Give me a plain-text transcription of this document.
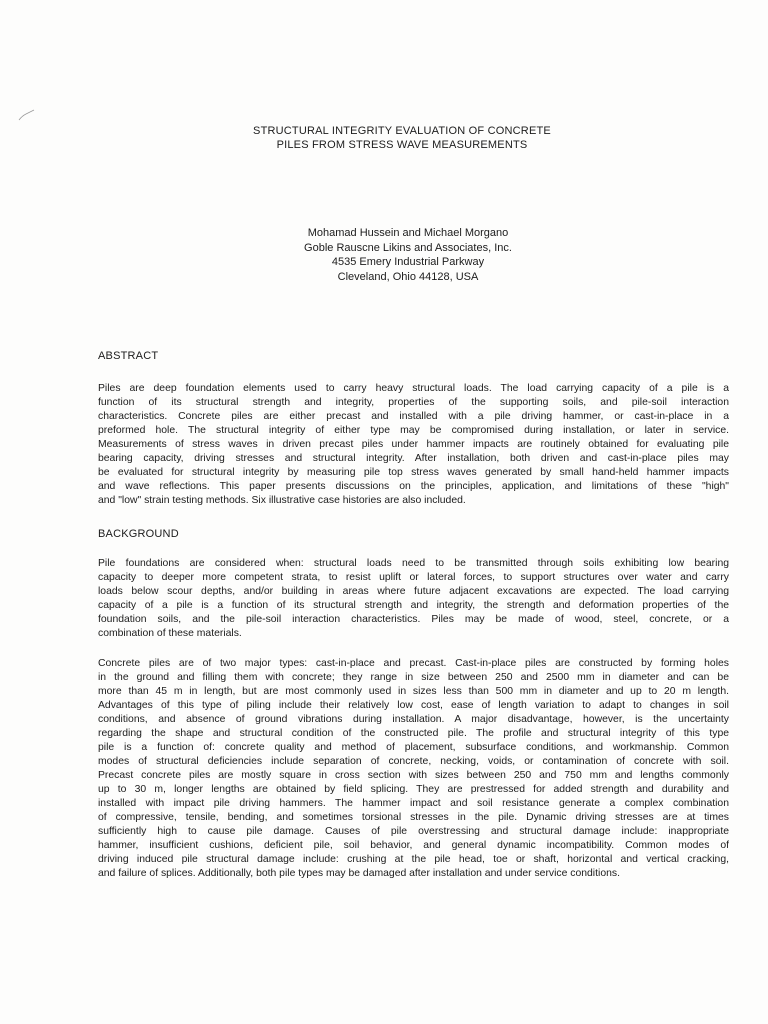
STRUCTURAL INTEGRITY EVALUATION OF CONCRETE
PILES FROM STRESS WAVE MEASUREMENTS
Mohamad Hussein and Michael Morgano
Goble Rauscne Likins and Associates, Inc.
4535 Emery Industrial Parkway
Cleveland, Ohio 44128, USA
ABSTRACT
Piles are deep foundation elements used to carry heavy structural loads. The load carrying capacity of a pile is a
function of its structural strength and integrity, properties of the supporting soils, and pile-soil interaction
characteristics. Concrete piles are either precast and installed with a pile driving hammer, or cast-in-place in a
preformed hole. The structural integrity of either type may be compromised during installation, or later in service.
Measurements of stress waves in driven precast piles under hammer impacts are routinely obtained for evaluating pile
bearing capacity, driving stresses and structural integrity. After installation, both driven and cast-in-place piles may
be evaluated for structural integrity by measuring pile top stress waves generated by small hand-held hammer impacts
and wave reflections. This paper presents discussions on the principles, application, and limitations of these "high"
and "low" strain testing methods. Six illustrative case histories are also included.
BACKGROUND
Pile foundations are considered when: structural loads need to be transmitted through soils exhibiting low bearing
capacity to deeper more competent strata, to resist uplift or lateral forces, to support structures over water and carry
loads below scour depths, and/or building in areas where future adjacent excavations are expected. The load carrying
capacity of a pile is a function of its structural strength and integrity, the strength and deformation properties of the
foundation soils, and the pile-soil interaction characteristics. Piles may be made of wood, steel, concrete, or a
combination of these materials.
Concrete piles are of two major types: cast-in-place and precast. Cast-in-place piles are constructed by forming holes
in the ground and filling them with concrete; they range in size between 250 and 2500 mm in diameter and can be
more than 45 m in length, but are most commonly used in sizes less than 500 mm in diameter and up to 20 m length.
Advantages of this type of piling include their relatively low cost, ease of length variation to adapt to changes in soil
conditions, and absence of ground vibrations during installation. A major disadvantage, however, is the uncertainty
regarding the shape and structural condition of the constructed pile. The profile and structural integrity of this type
pile is a function of: concrete quality and method of placement, subsurface conditions, and workmanship. Common
modes of structural deficiencies include separation of concrete, necking, voids, or contamination of concrete with soil.
Precast concrete piles are mostly square in cross section with sizes between 250 and 750 mm and lengths commonly
up to 30 m, longer lengths are obtained by field splicing. They are prestressed for added strength and durability and
installed with impact pile driving hammers. The hammer impact and soil resistance generate a complex combination
of compressive, tensile, bending, and sometimes torsional stresses in the pile. Dynamic driving stresses are at times
sufficiently high to cause pile damage. Causes of pile overstressing and structural damage include: inappropriate
hammer, insufficient cushions, deficient pile, soil behavior, and general dynamic incompatibility. Common modes of
driving induced pile structural damage include: crushing at the pile head, toe or shaft, horizontal and vertical cracking,
and failure of splices. Additionally, both pile types may be damaged after installation and under service conditions.
